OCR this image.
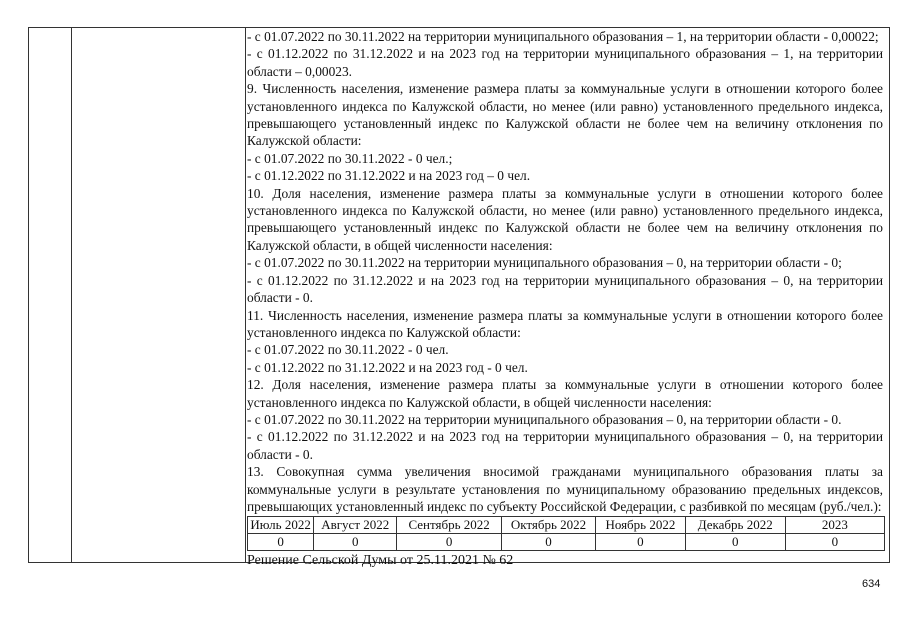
- с 01.07.2022 по 30.11.2022 на территории муниципального образования – 1, на территории области - 0,00022;

- с 01.12.2022 по 31.12.2022 и на 2023 год на территории муниципального образования – 1, на территории области – 0,00023.

9. Численность населения, изменение размера платы за коммунальные услуги в отношении которого более установленного индекса по Калужской области, но менее (или равно) установленного предельного индекса, превышающего установленный индекс по Калужской области не более чем на величину отклонения по Калужской области:

- с 01.07.2022 по 30.11.2022 - 0 чел.;

- с 01.12.2022 по 31.12.2022 и на 2023 год – 0 чел.

10. Доля населения, изменение размера платы за коммунальные услуги в отношении которого более установленного индекса по Калужской области, но менее (или равно) установленного предельного индекса, превышающего установленный индекс по Калужской области не более чем на величину отклонения по Калужской области, в общей численности населения:

- с 01.07.2022 по 30.11.2022 на территории муниципального образования – 0, на территории области - 0;

- с 01.12.2022 по 31.12.2022 и на 2023 год на территории муниципального образования – 0, на территории области - 0.

11. Численность населения, изменение размера платы за коммунальные услуги в отношении которого более установленного индекса по Калужской области:

- с 01.07.2022 по 30.11.2022 - 0 чел.

- с 01.12.2022 по 31.12.2022 и на 2023 год - 0 чел.

12. Доля населения, изменение размера платы за коммунальные услуги в отношении которого более установленного индекса по Калужской области, в общей численности населения:

- с 01.07.2022 по 30.11.2022 на территории муниципального образования – 0, на территории области - 0.

- с 01.12.2022 по 31.12.2022 и на 2023 год на территории муниципального образования – 0, на территории области - 0.

13. Совокупная сумма увеличения вносимой гражданами муниципального образования платы за коммунальные услуги в результате установления по муниципальному образованию предельных индексов, превышающих установленный индекс по субъекту Российской Федерации, с разбивкой по месяцам (руб./чел.):

Июль 2022	Август 2022	Сентябрь 2022	Октябрь 2022	Ноябрь 2022	Декабрь 2022	2023
0	0	0	0	0	0	0
Решение Сельской Думы от 25.11.2021 № 62
634
